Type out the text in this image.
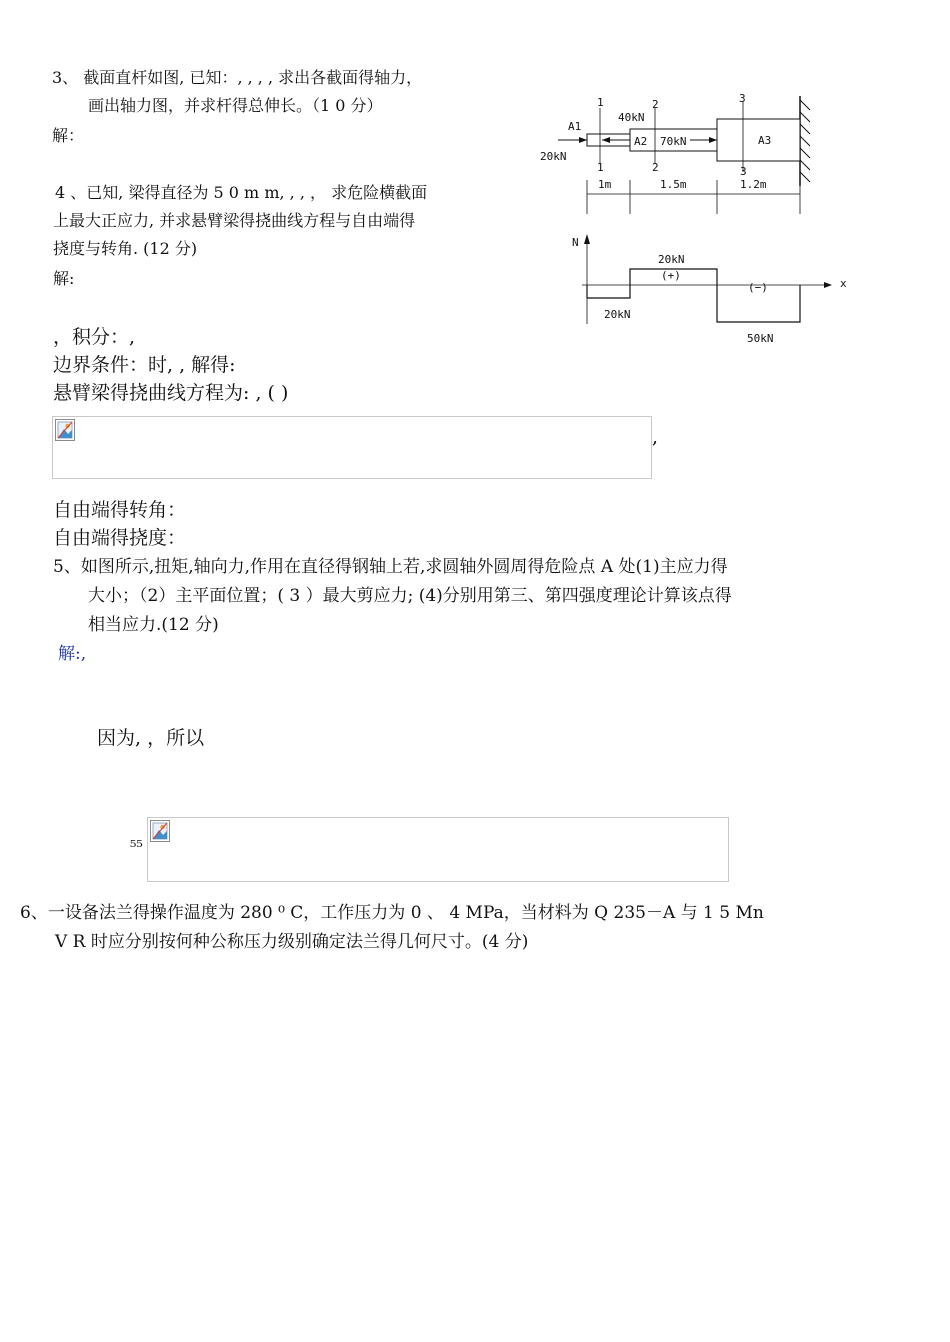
3、 截面直杆如图, 已知：, , , , 求出各截面得轴力，
画出轴力图，并求杆得总伸长。（1 0 分）
解：
4 、已知, 梁得直径为 5 0 m m, , , ， 求危险横截面
上最大正应力, 并求悬臂梁得挠曲线方程与自由端得
挠度与转角. (12 分)
解:
，积分：,
边界条件：时, , 解得:
悬臂梁得挠曲线方程为: , ( )
,
自由端得转角：
自由端得挠度：
5、如图所示,扭矩,轴向力,作用在直径得钢轴上若,求圆轴外圆周得危险点 A 处(1)主应力得
大小；（2）主平面位置；( 3 ）最大剪应力; (4)分别用第三、第四强度理论计算该点得
相当应力.(12 分)
解:,
因为, ，所以
₅₅
6、一设备法兰得操作温度为 280 ⁰ C，工作压力为 0 、 4 MPa，当材料为 Q 235－A 与 1 5 Mn
V R 时应分别按何种公称压力级别确定法兰得几何尺寸。(4 分)
1	2	3
1	2	3
A1
A2	A3
20kN
40kN
70kN
1m	1.5m	1.2m
N
x
20kN
(+)
(−)
20kN
50kN
